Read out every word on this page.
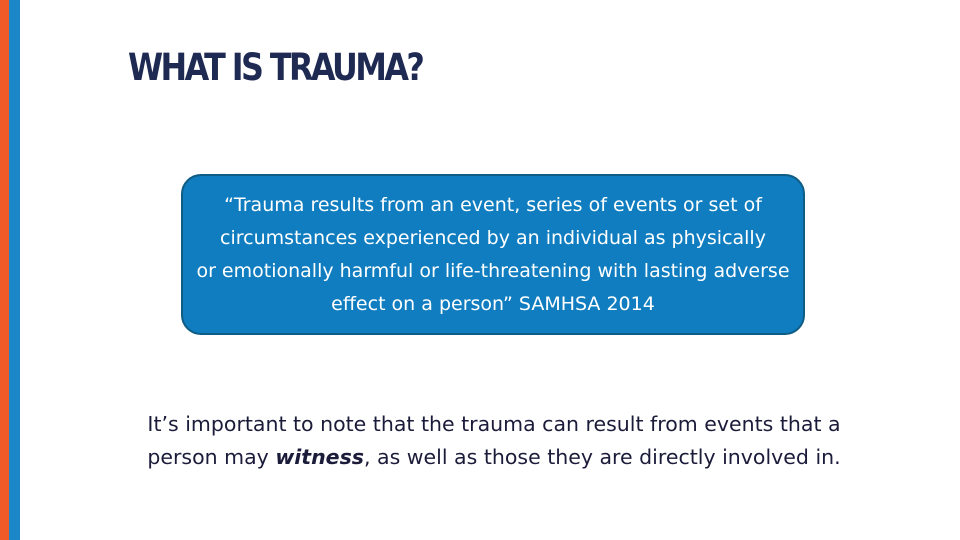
WHAT IS TRAUMA?
“Trauma results from an event, series of events or set of
circumstances experienced by an individual as physically
or emotionally harmful or life-threatening with lasting adverse
effect on a person” SAMHSA 2014
It’s important to note that the trauma can result from events that a
person may witness, as well as those they are directly involved in.
